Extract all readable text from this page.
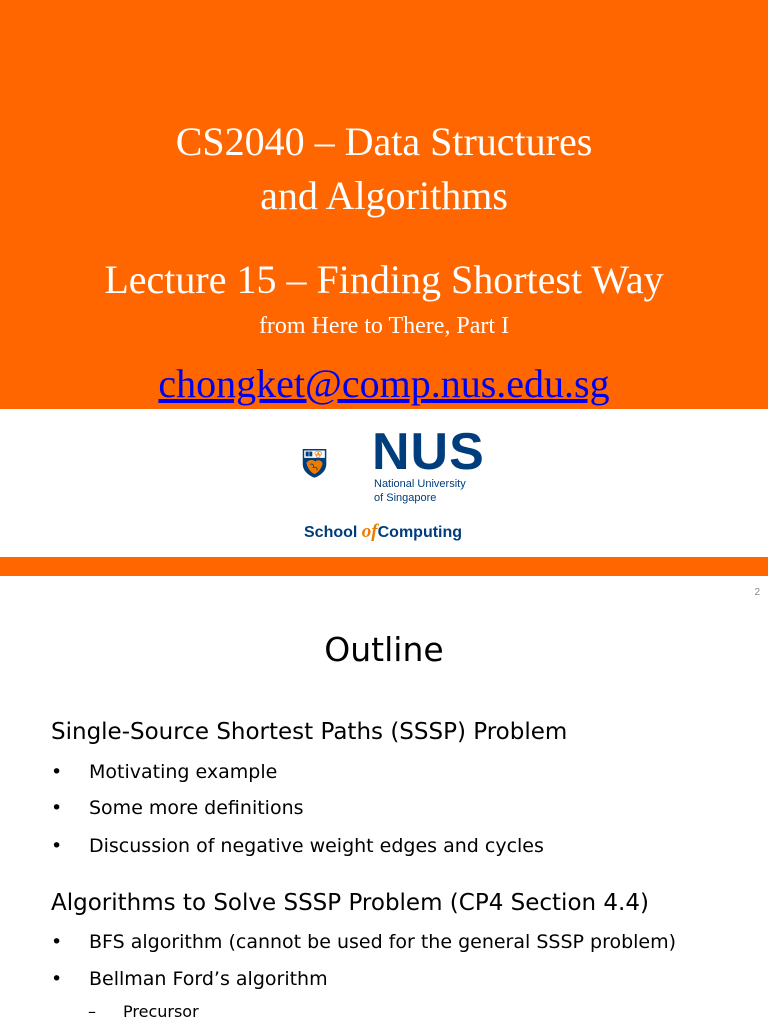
CS2040 – Data Structures
and Algorithms
Lecture 15 – Finding Shortest Way
from Here to There, Part I
chongket@comp.nus.edu.sg
NUS
National University
of Singapore
School ofComputing
2
Outline
Single-Source Shortest Paths (SSSP) Problem
• Motivating example
• Some more definitions
• Discussion of negative weight edges and cycles
Algorithms to Solve SSSP Problem (CP4 Section 4.4)
• BFS algorithm (cannot be used for the general SSSP problem)
• Bellman Ford’s algorithm
– Precursor
